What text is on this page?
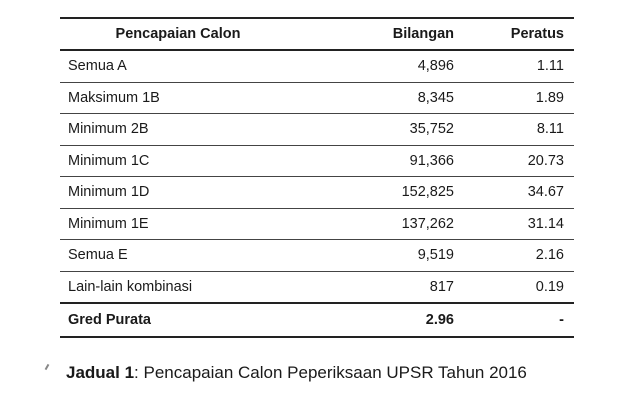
Pencapaian Calon	Bilangan	Peratus
Semua A	4,896	1.11
Maksimum 1B	8,345	1.89
Minimum 2B	35,752	8.11
Minimum 1C	91,366	20.73
Minimum 1D	152,825	34.67
Minimum 1E	137,262	31.14
Semua E	9,519	2.16
Lain-lain kombinasi	817	0.19
Gred Purata	2.96	-
Jadual 1: Pencapaian Calon Peperiksaan UPSR Tahun 2016
